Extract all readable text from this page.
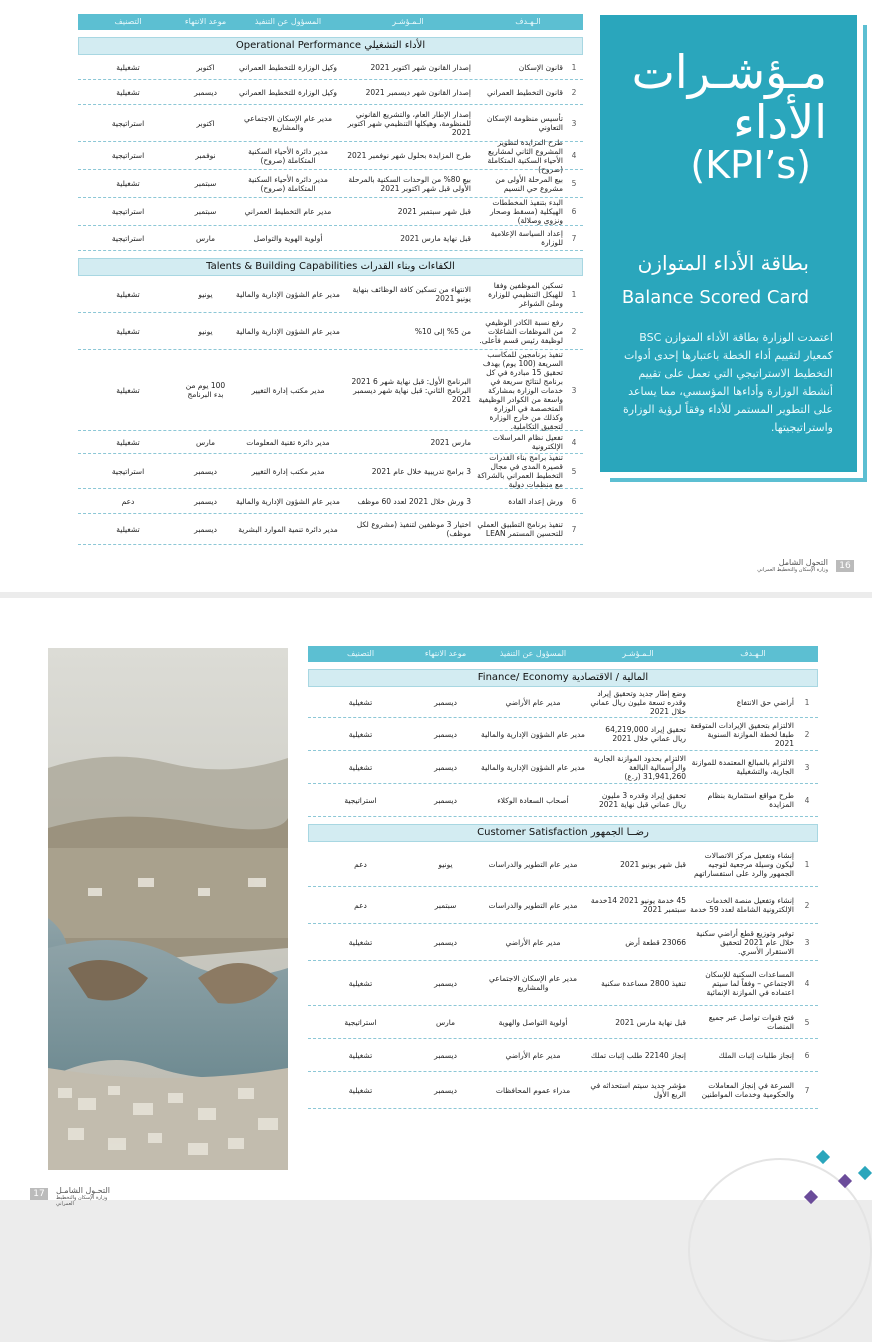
الـهـدف
الـمـؤشـر
المسؤول عن التنفيذ
موعد الانتهاء
التصنيف
Operational Performance الأداء التشغيلي
1
قانون الإسكان
إصدار القانون شهر اكتوبر 2021
وكيل الوزارة للتخطيط العمراني
اكتوبر
تشغيلية
2
قانون التخطيط العمراني
إصدار القانون شهر ديسمبر 2021
وكيل الوزارة للتخطيط العمراني
ديسمبر
تشغيلية
3
تأسيس منظومة الإسكان التعاوني
إصدار الإطار العام، والتشريع القانوني للمنظومة، وهيكلها التنظيمي شهر اكتوبر 2021
مدير عام الإسكان الاجتماعي والمشاريع
اكتوبر
استراتيجية
4
طرح المزايدة لتطوير المشروع الثاني لمشاريع الأحياء السكنية المتكاملة (صروح)
طرح المزايدة بحلول شهر نوفمبر 2021
مدير دائرة الأحياء السكنية المتكاملة (صروح)
نوفمبر
استراتيجية
5
بيع المرحلة الأولى من مشروع حي النسيم
بيع 80% من الوحدات السكنية بالمرحلة الأولى قبل شهر اكتوبر 2021
مدير دائرة الأحياء السكنية المتكاملة (صروح)
سبتمبر
تشغيلية
6
البدء بتنفيذ المخططات الهيكلية (مسقط وصحار ونزوى وصلالة)
قبل شهر سبتمبر 2021
مدير عام التخطيط العمراني
سبتمبر
استراتيجية
7
إعداد السياسة الإعلامية للوزارة
قبل نهاية مارس 2021
أولوية الهوية والتواصل
مارس
استراتيجية
Talents & Building Capabilities الكفاءات وبناء القدرات
1
تسكين الموظفين وفقا للهيكل التنظيمي للوزارة وملئ الشواغر
الانتهاء من تسكين كافة الوظائف بنهاية يونيو 2021
مدير عام الشؤون الإدارية والمالية
يونيو
تشغيلية
2
رفع نسبة الكادر الوظيفي من الموظفات الشاغلات لوظيفة رئيس قسم فأعلى.
من 5% إلى 10%
مدير عام الشؤون الإدارية والمالية
يونيو
تشغيلية
3
تنفيذ برنامجين للمكاسب السريعة (100 يوم) بهدف تحقيق 15 مبادرة في كل برنامج لنتائج سريعة في خدمات الوزارة بمشاركة واسعة من الكوادر الوظيفية المتخصصة في الوزارة وكذلك من خارج الوزارة لتحقيق التكاملية.
البرنامج الأول: قبل نهاية شهر 6 2021 البرنامج الثاني: قبل نهاية شهر ديسمبر 2021
مدير مكتب إدارة التغيير
100 يوم من بدء البرنامج
تشغيلية
4
تفعيل نظام المراسلات الإلكترونية
مارس 2021
مدير دائرة تقنية المعلومات
مارس
تشغيلية
5
تنفيذ برامج بناء القدرات قصيرة المدى في مجال التخطيط العمراني بالشراكة مع منظمات دولية
3 برامج تدريبية خلال عام 2021
مدير مكتب إدارة التغيير
ديسمبر
استراتيجية
6
ورش إعداد القادة
3 ورش خلال 2021 لعدد 60 موظف
مدير عام الشؤون الإدارية والمالية
ديسمبر
دعم
7
تنفيذ برنامج التطبيق العملي للتحسين المستمر LEAN
اختيار 3 موظفين لتنفيذ (مشروع لكل موظف)
مدير دائرة تنمية الموارد البشرية
ديسمبر
تشغيلية
مـؤشـرات الأداء
(KPI’s)
بطاقة الأداء المتوازن
Balance Scored Card
اعتمدت الوزارة بطاقة الأداء المتوازن BSC كمعيار لتقييم أداء الخطة باعتبارها إحدى أدوات التخطيط الاستراتيجي التي تعمل على تقييم أنشطة الوزارة وأداءها المؤسسي، مما يساعد على التطوير المستمر للأداء وفقاً لرؤية الوزارة واستراتيجيتها.
التحول الشامل
وزارة الإسكان والتخطيط العمراني	16
الـهـدف
الـمـؤشـر
المسؤول عن التنفيذ
موعد الانتهاء
التصنيف
Finance/ Economy المالية / الاقتصادية
1
أراضي حق الانتفاع
وضع إطار جديد وتحقيق إيراد وقدره تسعة مليون ريال عماني خلال 2021
مدير عام الأراضي
ديسمبر
تشغيلية
2
الالتزام بتحقيق الإيرادات المتوقعة طبقا لخطة الموازنة السنوية 2021
تحقيق إيراد 64,219,000 ريال عماني خلال 2021
مدير عام الشؤون الإدارية والمالية
ديسمبر
تشغيلية
3
الالتزام بالمبالغ المعتمدة للموازنة الجارية، والتشغيلية
الالتزام بحدود الموازنة الجارية والرأسمالية البالغة 31,941,260 (ر.ع)
مدير عام الشؤون الإدارية والمالية
ديسمبر
تشغيلية
4
طرح مواقع استثمارية بنظام المزايدة
تحقيق إيراد وقدره 3 مليون ريال عماني قبل نهاية 2021
أصحاب السعادة الوكلاء
ديسمبر
استراتيجية
Customer Satisfaction رضــا الجمهور
1
إنشاء وتفعيل مركز الاتصالات ليكون وسيلة مرجعية لتوجيه الجمهور والرد على استفساراتهم
قبل شهر يونيو 2021
مدير عام التطوير والدراسات
يونيو
دعم
2
إنشاء وتفعيل منصة الخدمات الإلكترونية الشاملة لعدد 59 خدمة
45 خدمة يونيو 2021 14خدمة سبتمبر 2021
مدير عام التطوير والدراسات
سبتمبر
دعم
3
توفير وتوزيع قطع أراضي سكنية خلال عام 2021 لتحقيق الاستقرار الأسري.
23066 قطعة أرض
مدير عام الأراضي
ديسمبر
تشغيلية
4
المساعدات السكنية للإسكان الاجتماعي – وفقاً لما سيتم اعتماده في الموازنة الإنمائية
تنفيذ 2800 مساعدة سكنية
مدير عام الإسكان الاجتماعي والمشاريع
ديسمبر
تشغيلية
5
فتح قنوات تواصل عبر جميع المنصات
قبل نهاية مارس 2021
أولوية التواصل والهوية
مارس
استراتيجية
6
إنجاز طلبات إثبات الملك
إنجاز 22140 طلب إثبات تملك
مدير عام الأراضي
ديسمبر
تشغيلية
7
السرعة في إنجاز المعاملات والحكومية وخدمات المواطنين
مؤشر جديد سيتم استحداثه في الربع الأول
مدراء عموم المحافظات
ديسمبر
تشغيلية
التحـول الشامـل
وزارة الإسكان والتخطيط العمراني
17
